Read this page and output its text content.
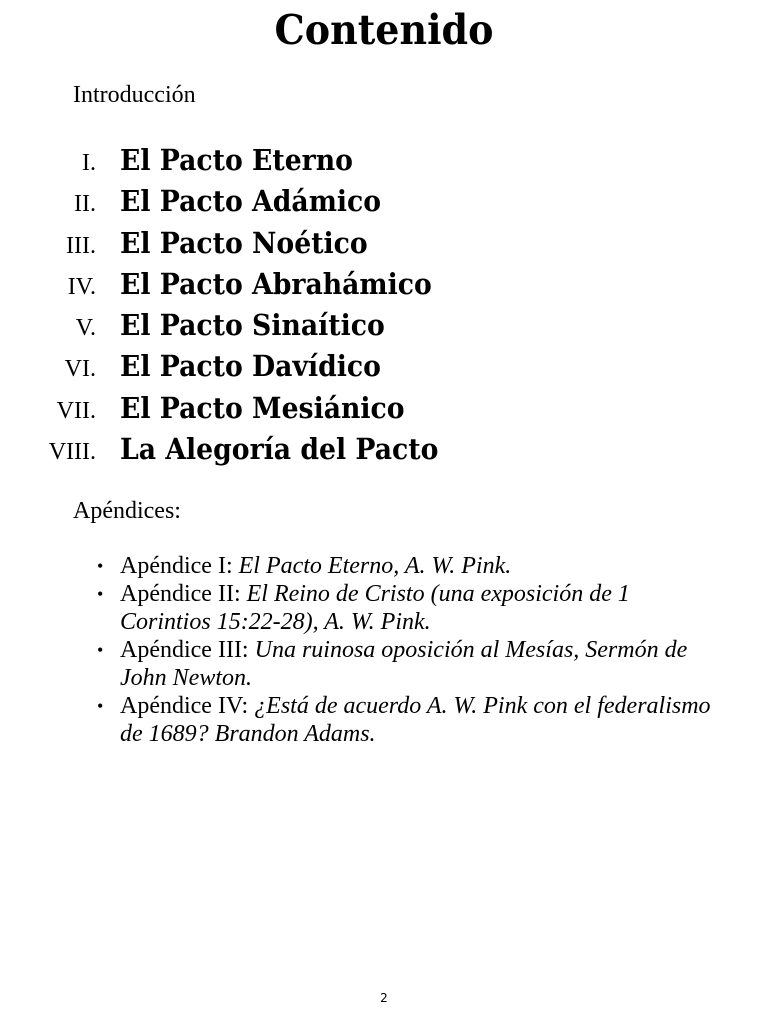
Contenido
Introducción
I. El Pacto Eterno
II. El Pacto Adámico
III. El Pacto Noético
IV. El Pacto Abrahámico
V. El Pacto Sinaítico
VI. El Pacto Davídico
VII. El Pacto Mesiánico
VIII. La Alegoría del Pacto
Apéndices:
• Apéndice I: El Pacto Eterno, A. W. Pink.
• Apéndice II: El Reino de Cristo (una exposición de 1 Corintios 15:22-28), A. W. Pink.
• Apéndice III: Una ruinosa oposición al Mesías, Sermón de John Newton.
• Apéndice IV: ¿Está de acuerdo A. W. Pink con el federalismo de 1689? Brandon Adams.
2
